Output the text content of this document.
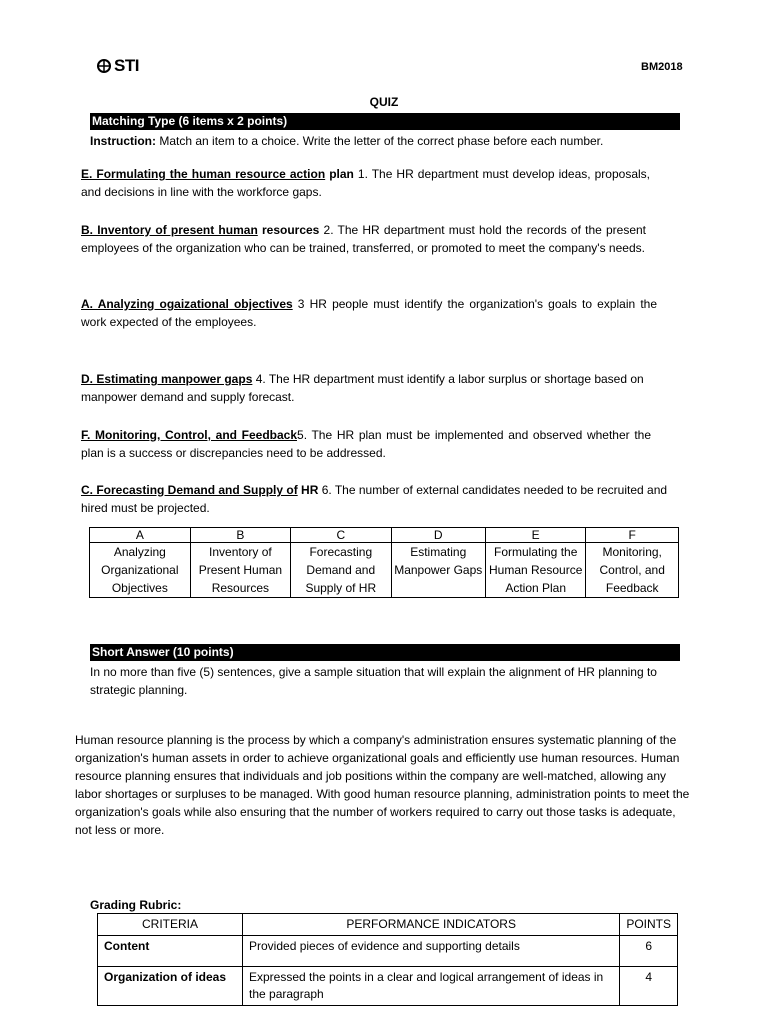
STI	BM2018
QUIZ
Matching Type (6 items x 2 points)
Instruction: Match an item to a choice. Write the letter of the correct phase before each number.
E. Formulating the human resource action plan 1. The HR department must develop ideas, proposals, and decisions in line with the workforce gaps.
B. Inventory of present human resources 2. The HR department must hold the records of the present employees of the organization who can be trained, transferred, or promoted to meet the company's needs.
A. Analyzing ogaizational objectives 3 HR people must identify the organization's goals to explain the work expected of the employees.
D. Estimating manpower gaps 4. The HR department must identify a labor surplus or shortage based on manpower demand and supply forecast.
F. Monitoring, Control, and Feedback5. The HR plan must be implemented and observed whether the plan is a success or discrepancies need to be addressed.
C. Forecasting Demand and Supply of HR 6. The number of external candidates needed to be recruited and hired must be projected.
A	B	C	D	E	F
Analyzing Organizational Objectives	Inventory of Present Human Resources	Forecasting Demand and Supply of HR	Estimating Manpower Gaps	Formulating the Human Resource Action Plan	Monitoring, Control, and Feedback
Short Answer (10 points)
In no more than five (5) sentences, give a sample situation that will explain the alignment of HR planning to strategic planning.
Human resource planning is the process by which a company's administration ensures systematic planning of the organization's human assets in order to achieve organizational goals and efficiently use human resources. Human resource planning ensures that individuals and job positions within the company are well-matched, allowing any labor shortages or surpluses to be managed. With good human resource planning, administration points to meet the organization's goals while also ensuring that the number of workers required to carry out those tasks is adequate, not less or more.
Grading Rubric:
CRITERIA	PERFORMANCE INDICATORS	POINTS
Content	Provided pieces of evidence and supporting details	6
Organization of ideas	Expressed the points in a clear and logical arrangement of ideas in the paragraph	4
